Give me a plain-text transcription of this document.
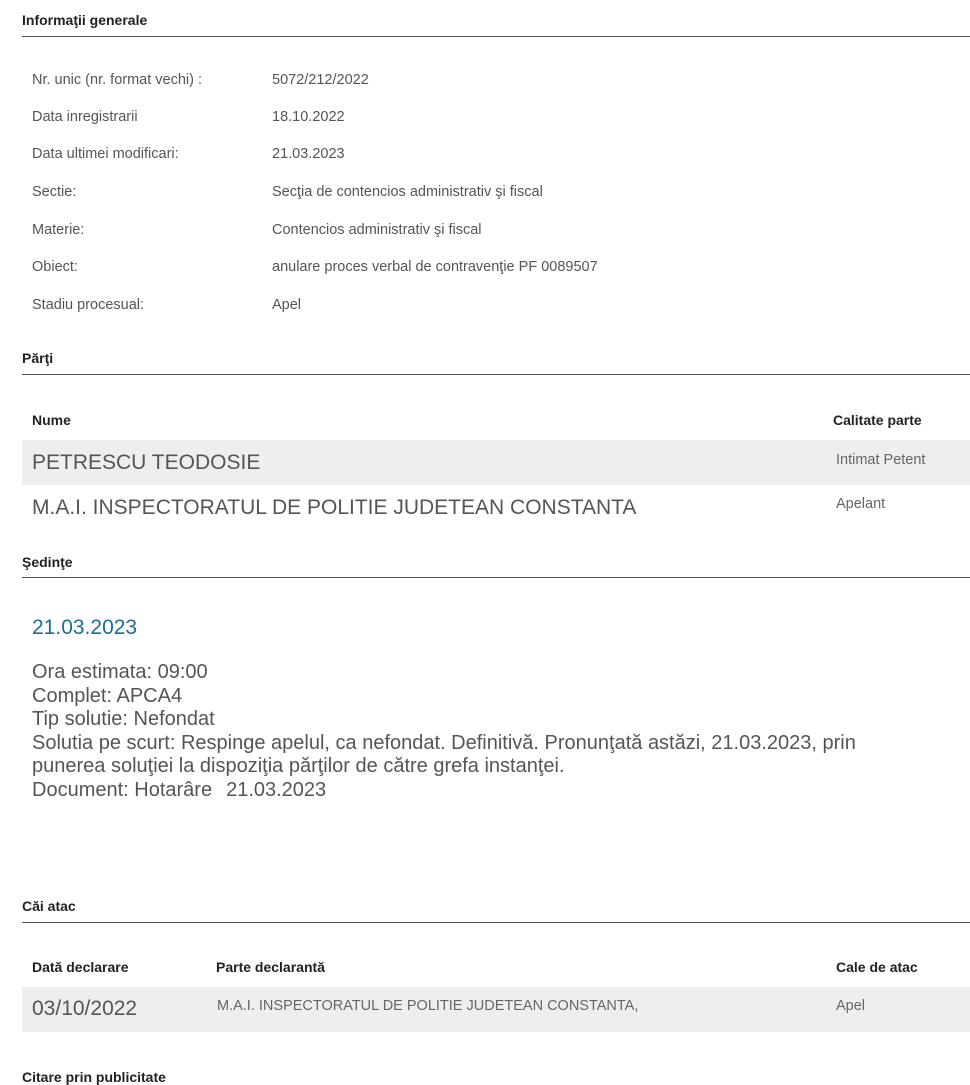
Informaţii generale
Nr. unic (nr. format vechi) :	5072/212/2022
Data inregistrarii	18.10.2022
Data ultimei modificari:	21.03.2023
Sectie:	Secţia de contencios administrativ şi fiscal
Materie:	Contencios administrativ şi fiscal
Obiect:	anulare proces verbal de contravenţie PF 0089507
Stadiu procesual:	Apel
Părţi
Nume	Calitate parte
PETRESCU TEODOSIE	Intimat Petent
M.A.I. INSPECTORATUL DE POLITIE JUDETEAN CONSTANTA	Apelant
Şedinţe
21.03.2023
Ora estimata: 09:00
Complet: APCA4
Tip solutie: Nefondat
Solutia pe scurt: Respinge apelul, ca nefondat. Definitivă. Pronunţată astăzi, 21.03.2023, prin
punerea soluţiei la dispoziţia părţilor de către grefa instanţei.
Document: Hotarâre 21.03.2023
Căi atac
Dată declarare	Parte declarantă	Cale de atac
03/10/2022	M.A.I. INSPECTORATUL DE POLITIE JUDETEAN CONSTANTA,	Apel
Citare prin publicitate
